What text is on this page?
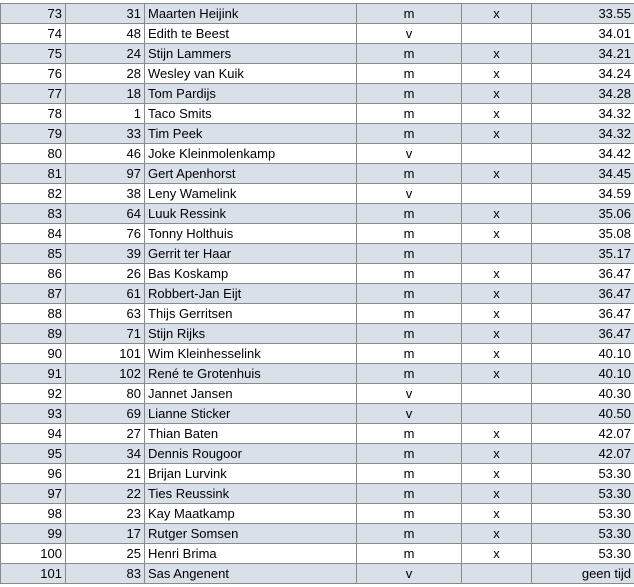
73	31	Maarten Heijink	m	x	33.55
74	48	Edith te Beest	v		34.01
75	24	Stijn Lammers	m	x	34.21
76	28	Wesley van Kuik	m	x	34.24
77	18	Tom Pardijs	m	x	34.28
78	1	Taco Smits	m	x	34.32
79	33	Tim Peek	m	x	34.32
80	46	Joke Kleinmolenkamp	v		34.42
81	97	Gert Apenhorst	m	x	34.45
82	38	Leny Wamelink	v		34.59
83	64	Luuk Ressink	m	x	35.06
84	76	Tonny Holthuis	m	x	35.08
85	39	Gerrit ter Haar	m		35.17
86	26	Bas Koskamp	m	x	36.47
87	61	Robbert-Jan Eijt	m	x	36.47
88	63	Thijs Gerritsen	m	x	36.47
89	71	Stijn Rijks	m	x	36.47
90	101	Wim Kleinhesselink	m	x	40.10
91	102	René te Grotenhuis	m	x	40.10
92	80	Jannet Jansen	v		40.30
93	69	Lianne Sticker	v		40.50
94	27	Thian Baten	m	x	42.07
95	34	Dennis Rougoor	m	x	42.07
96	21	Brijan Lurvink	m	x	53.30
97	22	Ties Reussink	m	x	53.30
98	23	Kay Maatkamp	m	x	53.30
99	17	Rutger Somsen	m	x	53.30
100	25	Henri Brima	m	x	53.30
101	83	Sas Angenent	v		geen tijd
